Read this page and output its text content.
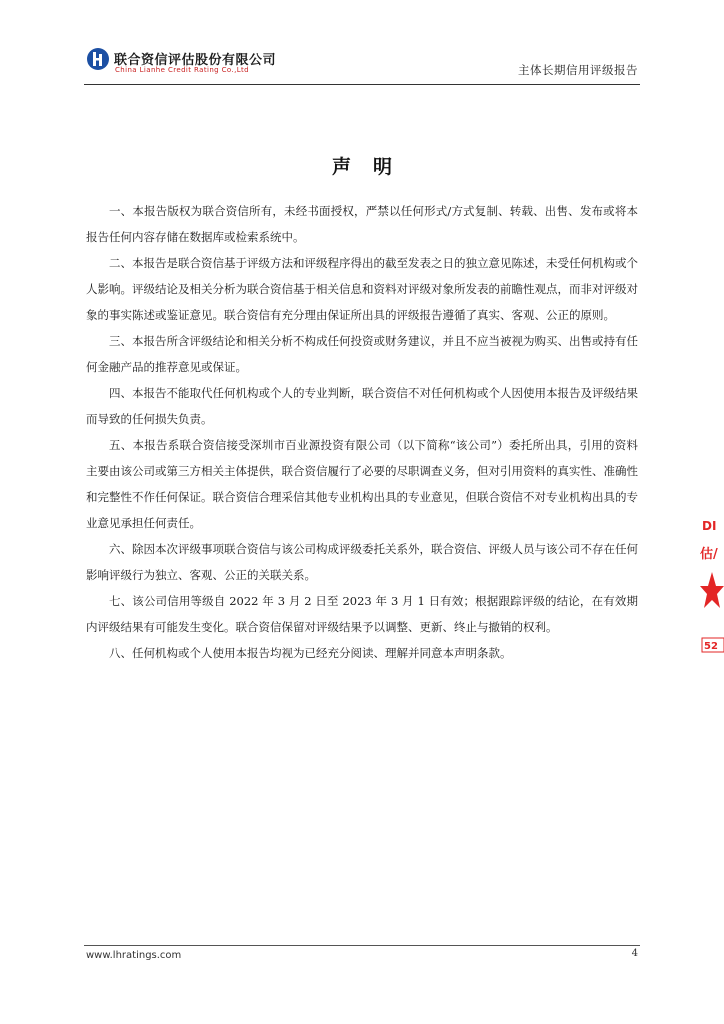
联合资信评估股份有限公司
China Lianhe Credit Rating Co.,Ltd	主体长期信用评级报告
声明

一、本报告版权为联合资信所有，未经书面授权，严禁以任何形式/方式复制、转载、出售、发布或将本报告任何内容存储在数据库或检索系统中。

二、本报告是联合资信基于评级方法和评级程序得出的截至发表之日的独立意见陈述，未受任何机构或个人影响。评级结论及相关分析为联合资信基于相关信息和资料对评级对象所发表的前瞻性观点，而非对评级对象的事实陈述或鉴证意见。联合资信有充分理由保证所出具的评级报告遵循了真实、客观、公正的原则。

三、本报告所含评级结论和相关分析不构成任何投资或财务建议，并且不应当被视为购买、出售或持有任何金融产品的推荐意见或保证。

四、本报告不能取代任何机构或个人的专业判断，联合资信不对任何机构或个人因使用本报告及评级结果而导致的任何损失负责。

五、本报告系联合资信接受深圳市百业源投资有限公司（以下简称“该公司”）委托所出具，引用的资料主要由该公司或第三方相关主体提供，联合资信履行了必要的尽职调查义务，但对引用资料的真实性、准确性和完整性不作任何保证。联合资信合理采信其他专业机构出具的专业意见，但联合资信不对专业机构出具的专业意见承担任何责任。

六、除因本次评级事项联合资信与该公司构成评级委托关系外，联合资信、评级人员与该公司不存在任何影响评级行为独立、客观、公正的关联关系。

七、该公司信用等级自 2022 年 3 月 2 日至 2023 年 3 月 1 日有效；根据跟踪评级的结论，在有效期内评级结果有可能发生变化。联合资信保留对评级结果予以调整、更新、终止与撤销的权利。

八、任何机构或个人使用本报告均视为已经充分阅读、理解并同意本声明条款。

DI
估/
52
www.lhratings.com	4
